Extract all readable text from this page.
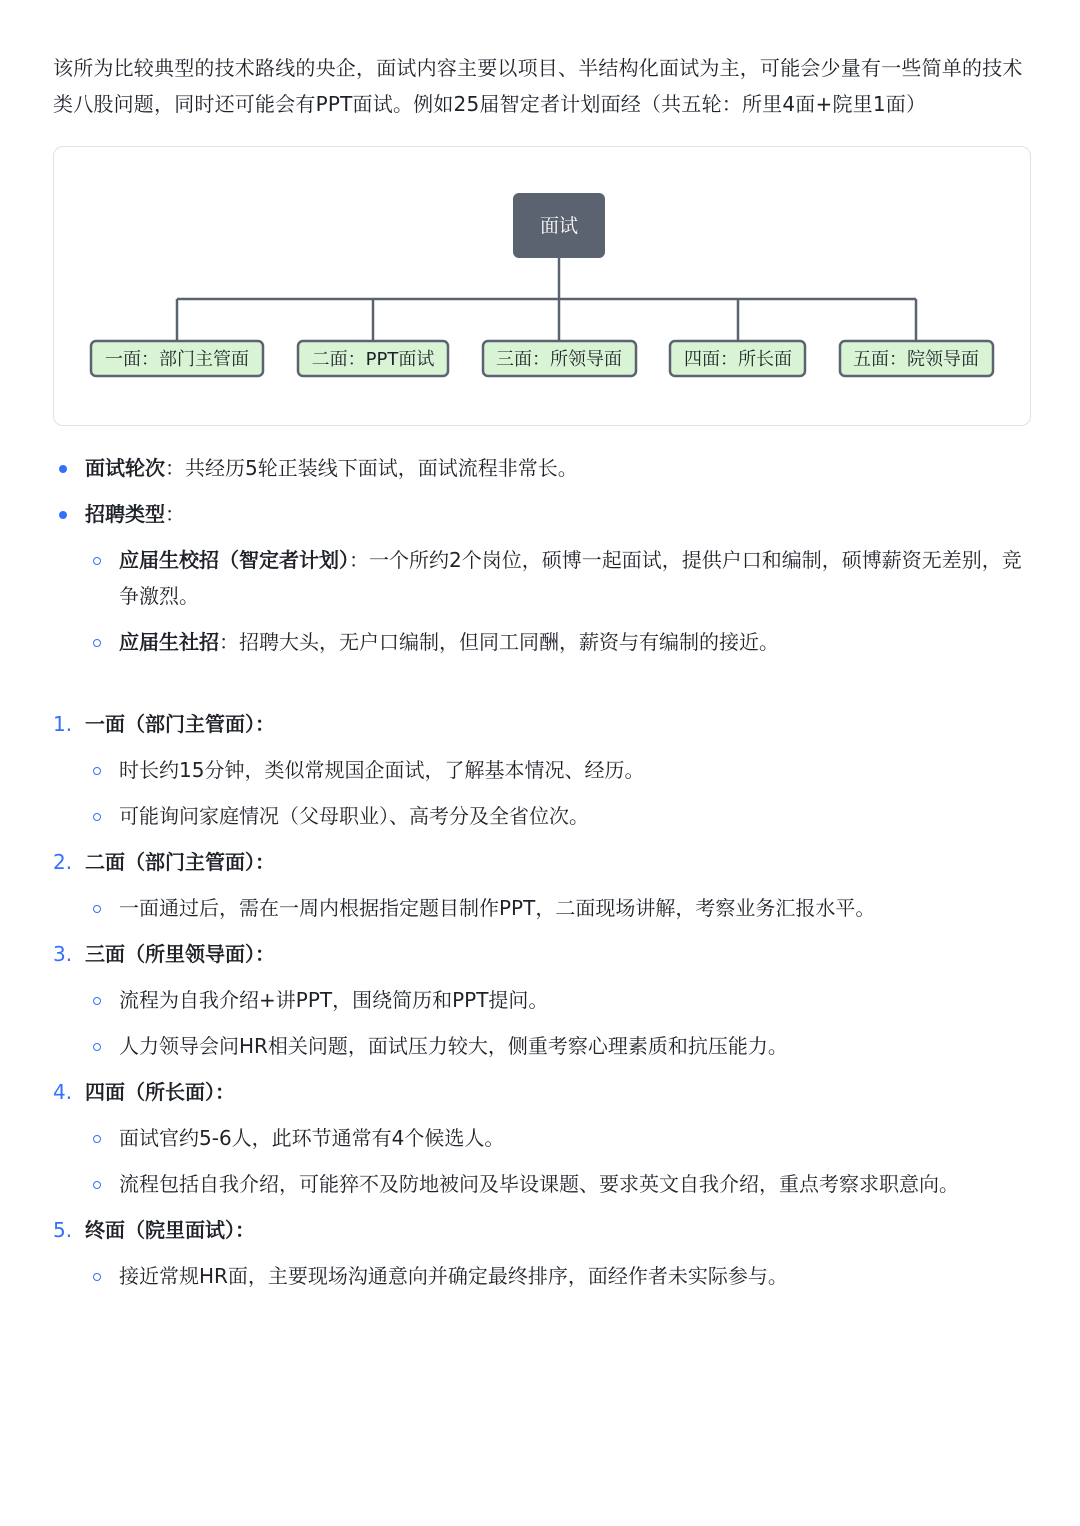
该所为比较典型的技术路线的央企，面试内容主要以项目、半结构化面试为主，可能会少量有一些简单的技术类八股问题，同时还可能会有PPT面试。例如25届智定者计划面经（共五轮：所里4面+院里1面）

面试
一面：部门主管面	二面：PPT面试	三面：所领导面	四面：所长面	五面：院领导面
面试轮次：共经历5轮正装线下面试，面试流程非常长。
招聘类型：
应届生校招（智定者计划）：一个所约2个岗位，硕博一起面试，提供户口和编制，硕博薪资无差别，竞争激烈。
应届生社招：招聘大头，无户口编制，但同工同酬，薪资与有编制的接近。
1. 一面（部门主管面）：
时长约15分钟，类似常规国企面试，了解基本情况、经历。
可能询问家庭情况（父母职业）、高考分及全省位次。
2. 二面（部门主管面）：
一面通过后，需在一周内根据指定题目制作PPT，二面现场讲解，考察业务汇报水平。
3. 三面（所里领导面）：
流程为自我介绍+讲PPT，围绕简历和PPT提问。
人力领导会问HR相关问题，面试压力较大，侧重考察心理素质和抗压能力。
4. 四面（所长面）：
面试官约5-6人，此环节通常有4个候选人。
流程包括自我介绍，可能猝不及防地被问及毕设课题、要求英文自我介绍，重点考察求职意向。
5. 终面（院里面试）：
接近常规HR面，主要现场沟通意向并确定最终排序，面经作者未实际参与。
